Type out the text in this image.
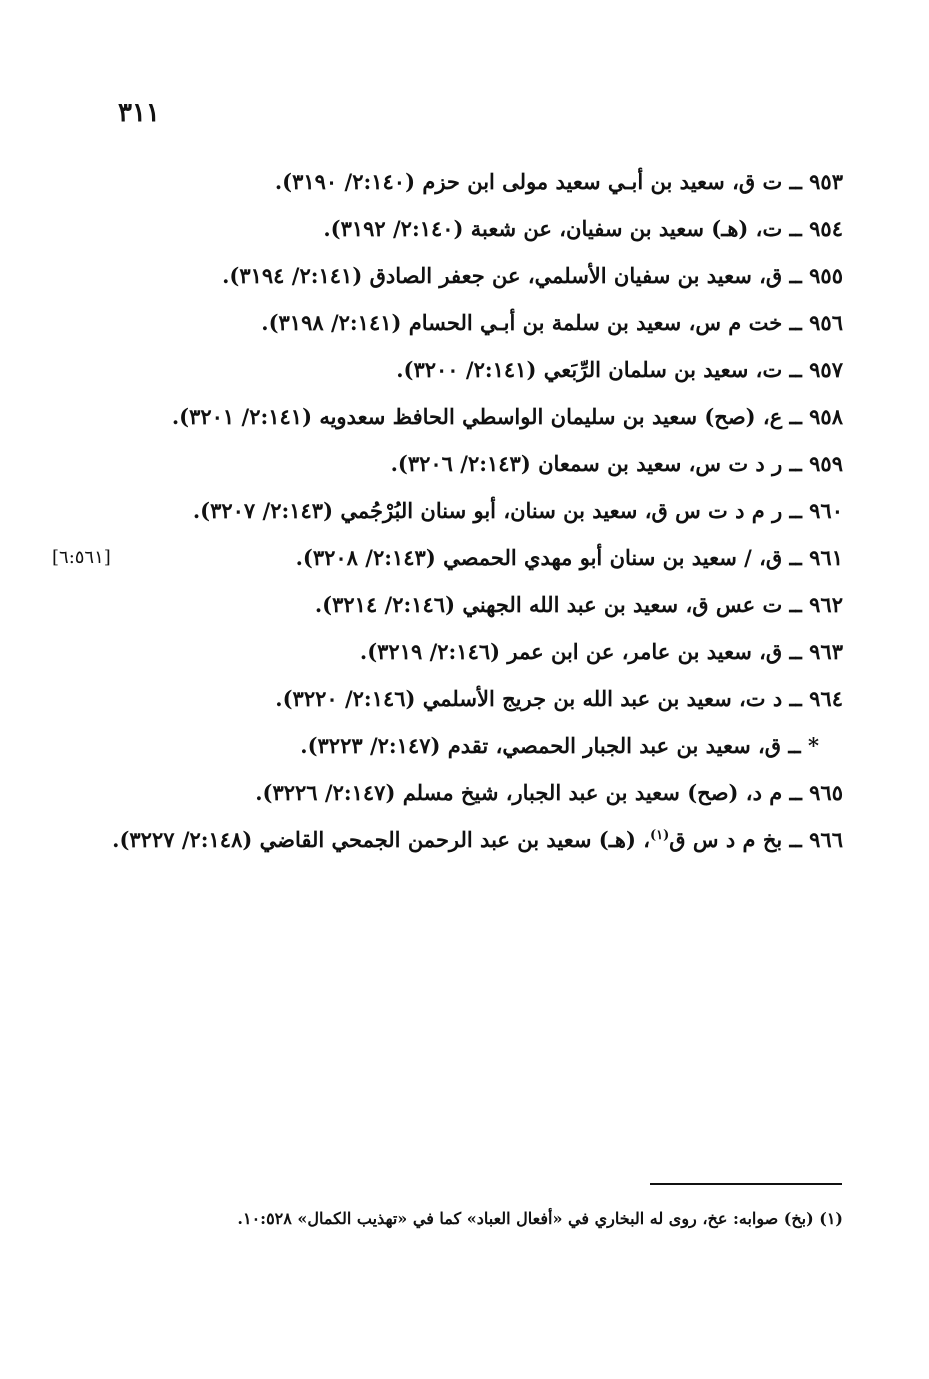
٣١١

٩٥٣ ــ ت ق، سعيد بن أبـي سعيد مولى ابن حزم (٢:١٤٠/ ٣١٩٠).

٩٥٤ ــ ت، (هـ) سعيد بن سفيان، عن شعبة (٢:١٤٠/ ٣١٩٢).

٩٥٥ ــ ق، سعيد بن سفيان الأسلمي، عن جعفر الصادق (٢:١٤١/ ٣١٩٤).

٩٥٦ ــ خت م س، سعيد بن سلمة بن أبـي الحسام (٢:١٤١/ ٣١٩٨).

٩٥٧ ــ ت، سعيد بن سلمان الرِّبَعي (٢:١٤١/ ٣٢٠٠).

٩٥٨ ــ ع، (صح) سعيد بن سليمان الواسطي الحافظ سعدويه (٢:١٤١/ ٣٢٠١).

٩٥٩ ــ ر د ت س، سعيد بن سمعان (٢:١٤٣/ ٣٢٠٦).

٩٦٠ ــ ر م د ت س ق، سعيد بن سنان، أبو سنان البُرْجُمي (٢:١٤٣/ ٣٢٠٧).

٩٦١ ــ ق، / سعيد بن سنان أبو مهدي الحمصي (٢:١٤٣/ ٣٢٠٨).
[٦:٥٦١]

٩٦٢ ــ ت عس ق، سعيد بن عبد الله الجهني (٢:١٤٦/ ٣٢١٤).

٩٦٣ ــ ق، سعيد بن عامر، عن ابن عمر (٢:١٤٦/ ٣٢١٩).

٩٦٤ ــ د ت، سعيد بن عبد الله بن جريج الأسلمي (٢:١٤٦/ ٣٢٢٠).

* ــ ق، سعيد بن عبد الجبار الحمصي، تقدم (٢:١٤٧/ ٣٢٢٣).

٩٦٥ ــ م د، (صح) سعيد بن عبد الجبار، شيخ مسلم (٢:١٤٧/ ٣٢٢٦).

٩٦٦ ــ بخ م د س ق$^{(١)}$، (هـ) سعيد بن عبد الرحمن الجمحي القاضي (٢:١٤٨/ ٣٢٢٧).

(١) (بخ) صوابه: عخ، روى له البخاري في «أفعال العباد» كما في «تهذيب الكمال» ١٠:٥٢٨.
